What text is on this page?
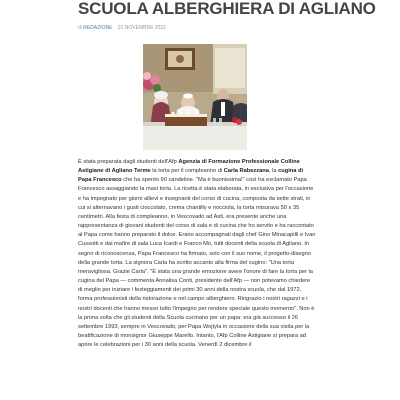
SCUOLA ALBERGHIERA DI AGLIANO
di REDAZIONE 21 NOVEMBRE 2022

È stata preparata dagli studenti dell'Afp Agenzia di Formazione Professionale Colline Astigiane di Agliano Terme la torta per il compleanno di Carla Rabezzana, la cugina di Papa Francesco che ha spento 90 candeline. "Ma è buonissima!" così ha esclamato Papa Francesco assaggiando la maxi torta. La ricetta è stata elaborata, in esclusiva per l'occasione e ha impegnato per giorni allievi e insegnanti del corso di cucina, composta da sette strati, in cui si alternavano i gusti cioccolato, crema chantilly e nocciola, la torta misurava 50 x 35 centimetri. Alla festa di compleanno, in Vescovado ad Asti, era presente anche una rappresentanza di giovani studenti del corso di sala e di cucina che ho servito e ha raccontato al Papa come hanno preparato il dolce. Erano accompagnati dagli chef Gino Minacapilli e Ivan Cussotti e dai maître di sala Luca Icardi e Franco Mo, tutti docenti della scuola di Agliano. In segno di riconoscenza, Papa Francesco ha firmato, solo con il suo nome, il progetto-disegno della grande torta. La signora Carla ha scritto accanto alla firma del cugino: "Una torta meravigliosa. Grazie Carla". "È stata una grande emozione avere l'onore di fare la torta per la cugina del Papa — commenta Annalisa Conti, presidente dell'Afp — non potevamo chiedere di meglio per iniziare i festeggiamenti dei primi 30 anni della nostra scuola, che dal 1972, forma professionisti della ristorazione e nel campo alberghiero. Ringrazio i nostri ragazzi e i nostri docenti che hanno messo tutto l'impegno per rendere speciale questo momento". Non è la prima volta che gli studenti della Scuola cucinano per un papa: era già successo il 26 settembre 1993, sempre in Vescovado, per Papa Wojtyla in occasione della sua visita per la beatificazione di monsignor Giuseppe Marello. Intanto, l'Afp Colline Astigiane si prepara ad aprire le celebrazioni per i 30 anni della scuola. Venerdì 2 dicembre il
